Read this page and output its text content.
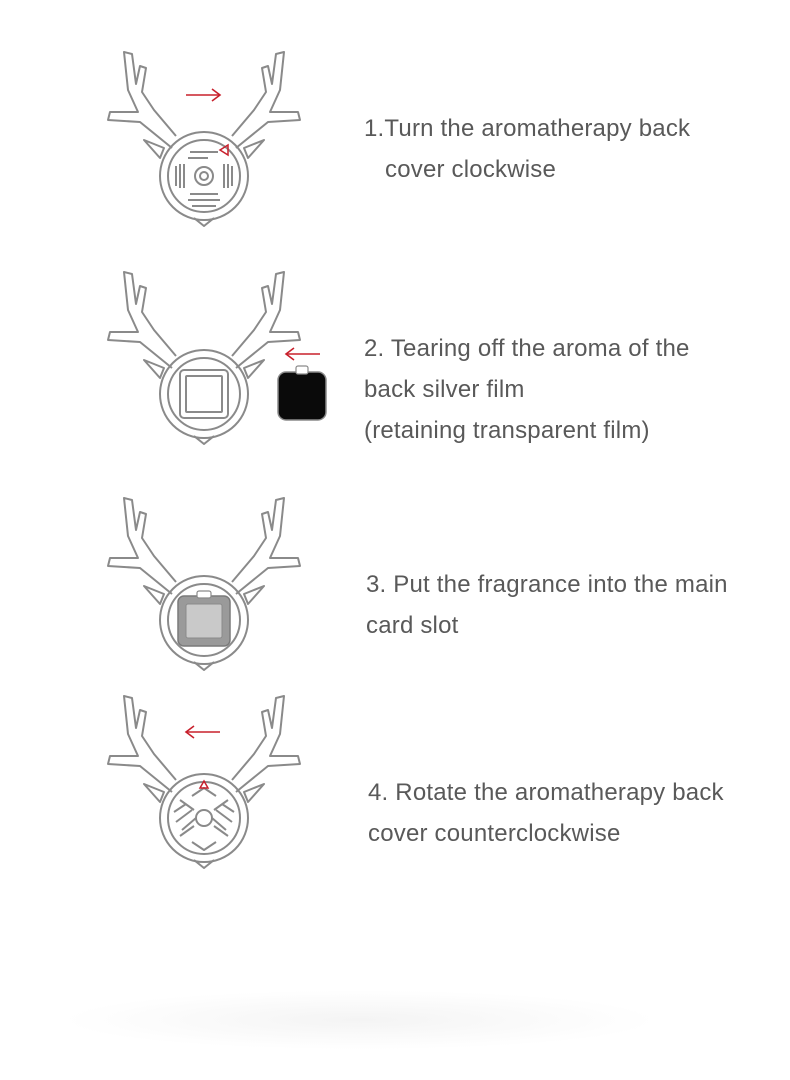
1.Turn the aromatherapy back
cover clockwise
2. Tearing off the aroma of the
back silver film
(retaining transparent film)
3. Put the fragrance into the main
card slot
4. Rotate the aromatherapy back
cover counterclockwise
